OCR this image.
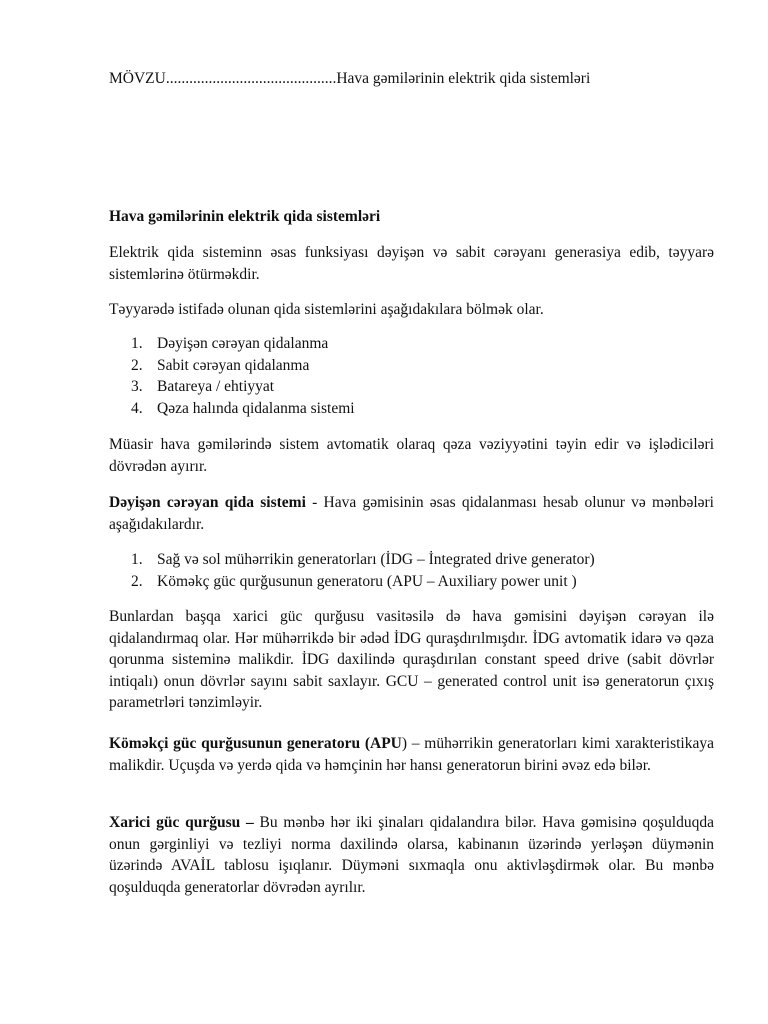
MÖVZU............................................Hava gəmilərinin elektrik qida sistemləri
Hava gəmilərinin elektrik qida sistemləri

Elektrik qida sisteminn əsas funksiyası dəyişən və sabit cərəyanı generasiya edib, təyyarə sistemlərinə ötürməkdir.

Təyyarədə istifadə olunan qida sistemlərini aşağıdakılara bölmək olar.

1. Dəyişən cərəyan qidalanma
2. Sabit cərəyan qidalanma
3. Batareya / ehtiyyat
4. Qəza halında qidalanma sistemi

Müasir hava gəmilərində sistem avtomatik olaraq qəza vəziyyətini təyin edir və işlədiciləri dövrədən ayırır.

Dəyişən cərəyan qida sistemi - Hava gəmisinin əsas qidalanması hesab olunur və mənbələri aşağıdakılardır.

1. Sağ və sol mühərrikin generatorları (İDG – İntegrated drive generator)
2. Köməkç güc qurğusunun generatoru (APU – Auxiliary power unit )

Bunlardan başqa xarici güc qurğusu vasitəsilə də hava gəmisini dəyişən cərəyan ilə qidalandırmaq olar. Hər mühərrikdə bir ədəd İDG quraşdırılmışdır. İDG avtomatik idarə və qəza qorunma sisteminə malikdir. İDG daxilində quraşdırılan constant speed drive (sabit dövrlər intiqalı) onun dövrlər sayını sabit saxlayır. GCU – generated control unit isə generatorun çıxış parametrləri tənzimləyir.

Köməkçi güc qurğusunun generatoru (APU) – mühərrikin generatorları kimi xarakteristikaya malikdir. Uçuşda və yerdə qida və həmçinin hər hansı generatorun birini əvəz edə bilər.

Xarici güc qurğusu – Bu mənbə hər iki şinaları qidalandıra bilər. Hava gəmisinə qoşulduqda onun gərginliyi və tezliyi norma daxilində olarsa, kabinanın üzərində yerləşən düymənin üzərində AVAİL tablosu işıqlanır. Düyməni sıxmaqla onu aktivləşdirmək olar. Bu mənbə qoşulduqda generatorlar dövrədən ayrılır.
